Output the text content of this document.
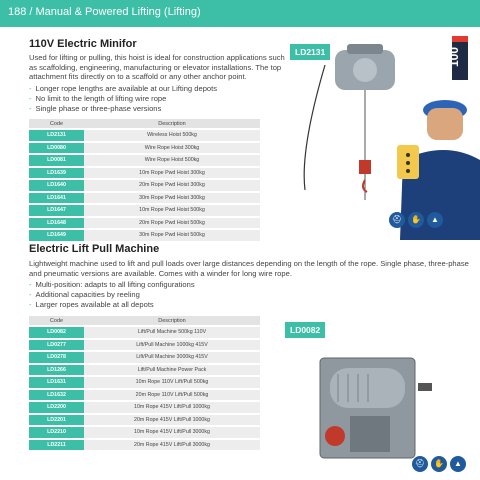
188 / Manual & Powered Lifting (Lifting)
110V Electric Minifor

Used for lifting or pulling, this hoist is ideal for construction applications such as scaffolding, engineering, manufacturing or elevator installations. The top attachment fits directly on to a scaffold or any other anchor point.

- Longer rope lengths are available at our Lifting depots
- No limit to the length of lifting wire rope
- Single phase or three-phase versions
Code	Description
LD2131	Wireless Hoist 500kg
LD0080	Wire Rope Hoist 300kg
LD0081	Wire Rope Hoist 500kg
LD1639	10m Rope Pwd Hoist 300kg
LD1640	20m Rope Pwd Hoist 300kg
LD1641	30m Rope Pwd Hoist 300kg
LD1647	10m Rope Pwd Hoist 500kg
LD1648	20m Rope Pwd Hoist 500kg
LD1649	30m Rope Pwd Hoist 500kg
LD2131	100
⛑	✋	▲
Electric Lift Pull Machine

Lightweight machine used to lift and pull loads over large distances depending on the length of the rope. Single phase, three-phase and pneumatic versions are available. Comes with a winder for long wire rope.

- Multi-position: adapts to all lifting configurations
- Additional capacities by reeling
- Larger ropes available at all depots
Code	Description
LD0082	Lift/Pull Machine 500kg 110V
LD0277	Lift/Pull Machine 1000kg 415V
LD0278	Lift/Pull Machine 3000kg 415V
LD1266	Lift/Pull Machine Power Pack
LD1631	10m Rope 110V Lift/Pull 500kg
LD1632	20m Rope 110V Lift/Pull 500kg
LD2200	10m Rope 415V Lift/Pull 1000kg
LD2201	20m Rope 415V Lift/Pull 1000kg
LD2210	10m Rope 415V Lift/Pull 3000kg
LD2211	20m Rope 415V Lift/Pull 3000kg
LD0082
⛑	✋	▲
